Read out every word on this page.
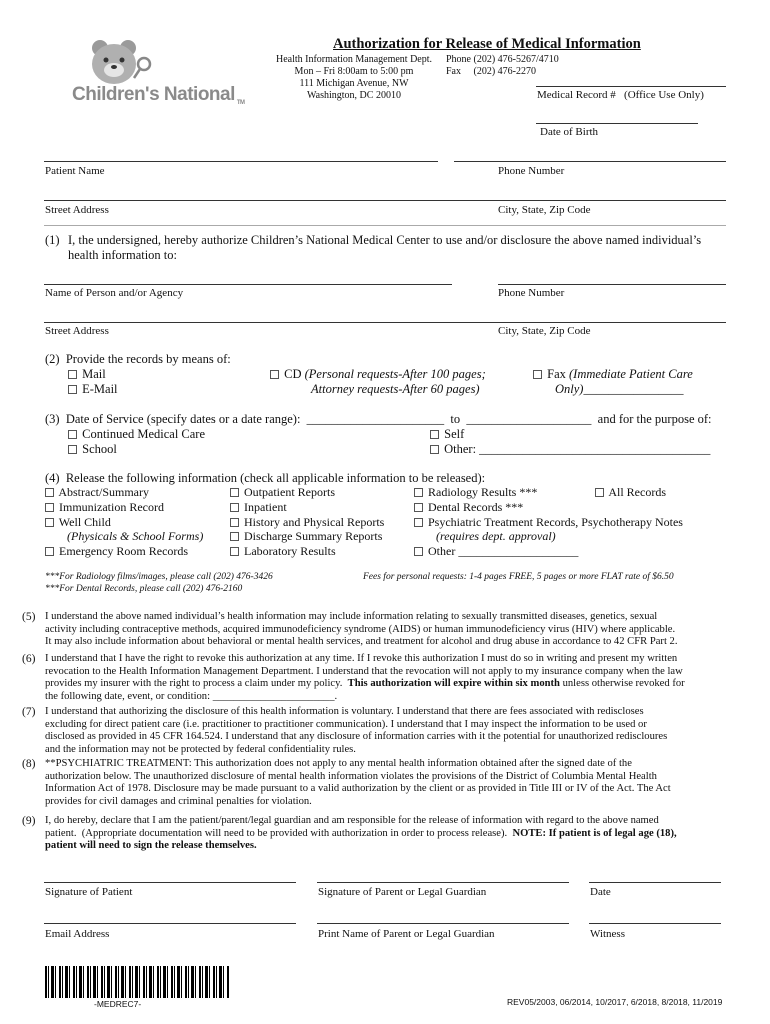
Children's National TM
Authorization for Release of Medical Information
Health Information Management Dept.
Mon – Fri 8:00am to 5:00 pm
111 Michigan Avenue, NW
Washington, DC 20010
Phone (202) 476-5267/4710
Fax     (202) 476-2270
Medical Record #   (Office Use Only)
Date of Birth
Patient Name	Phone Number
Street Address	City, State, Zip Code
(1) I, the undersigned, hereby authorize Children’s National Medical Center to use and/or disclosure the above named individual’s
health information to:
Name of Person and/or Agency	Phone Number
Street Address	City, State, Zip Code
(2)  Provide the records by means of:
Mail
E-Mail
CD (Personal requests-After 100 pages;
Attorney requests-After 60 pages)
Fax (Immediate Patient Care
Only)________________
(3)  Date of Service (specify dates or a date range):  ______________________  to  ____________________  and for the purpose of:
Continued Medical Care
School
Self
Other: _____________________________________
(4)  Release the following information (check all applicable information to be released):
Abstract/Summary
Immunization Record
Well Child
(Physicals & School Forms)
Emergency Room Records
Outpatient Reports
Inpatient
History and Physical Reports
Discharge Summary Reports
Laboratory Results
Radiology Results ***
Dental Records ***
Psychiatric Treatment Records, Psychotherapy Notes
(requires dept. approval)
Other ____________________
All Records
***For Radiology films/images, please call (202) 476-3426
***For Dental Records, please call (202) 476-2160
Fees for personal requests: 1-4 pages FREE, 5 pages or more FLAT rate of $6.50
(5) I understand the above named individual’s health information may include information relating to sexually transmitted diseases, genetics, sexual
activity including contraceptive methods, acquired immunodeficiency syndrome (AIDS) or human immunodeficiency virus (HIV) where applicable.
It may also include information about behavioral or mental health services, and treatment for alcohol and drug abuse in accordance to 42 CFR Part 2.
(6) I understand that I have the right to revoke this authorization at any time. If I revoke this authorization I must do so in writing and present my written
revocation to the Health Information Management Department. I understand that the revocation will not apply to my insurance company when the law
provides my insurer with the right to process a claim under my policy.  This authorization will expire within six month unless otherwise revoked for
the following date, event, or condition: _______________________.
(7) I understand that authorizing the disclosure of this health information is voluntary. I understand that there are fees associated with rediscloses
excluding for direct patient care (i.e. practitioner to practitioner communication). I understand that I may inspect the information to be used or
disclosed as provided in 45 CFR 164.524. I understand that any disclosure of information carries with it the potential for unauthorized rediscloures
and the information may not be protected by federal confidentiality rules.
(8) **PSYCHIATRIC TREATMENT: This authorization does not apply to any mental health information obtained after the signed date of the
authorization below. The unauthorized disclosure of mental health information violates the provisions of the District of Columbia Mental Health
Information Act of 1978. Disclosure may be made pursuant to a valid authorization by the client or as provided in Title III or IV of the Act. The Act
provides for civil damages and criminal penalties for violation.
(9) I, do hereby, declare that I am the patient/parent/legal guardian and am responsible for the release of information with regard to the above named
patient.  (Appropriate documentation will need to be provided with authorization in order to process release).  NOTE: If patient is of legal age (18),
patient will need to sign the release themselves.
Signature of Patient	Signature of Parent or Legal Guardian	Date
Email Address	Print Name of Parent or Legal Guardian	Witness
-MEDREC7-	REV05/2003, 06/2014, 10/2017, 6/2018, 8/2018, 11/2019
